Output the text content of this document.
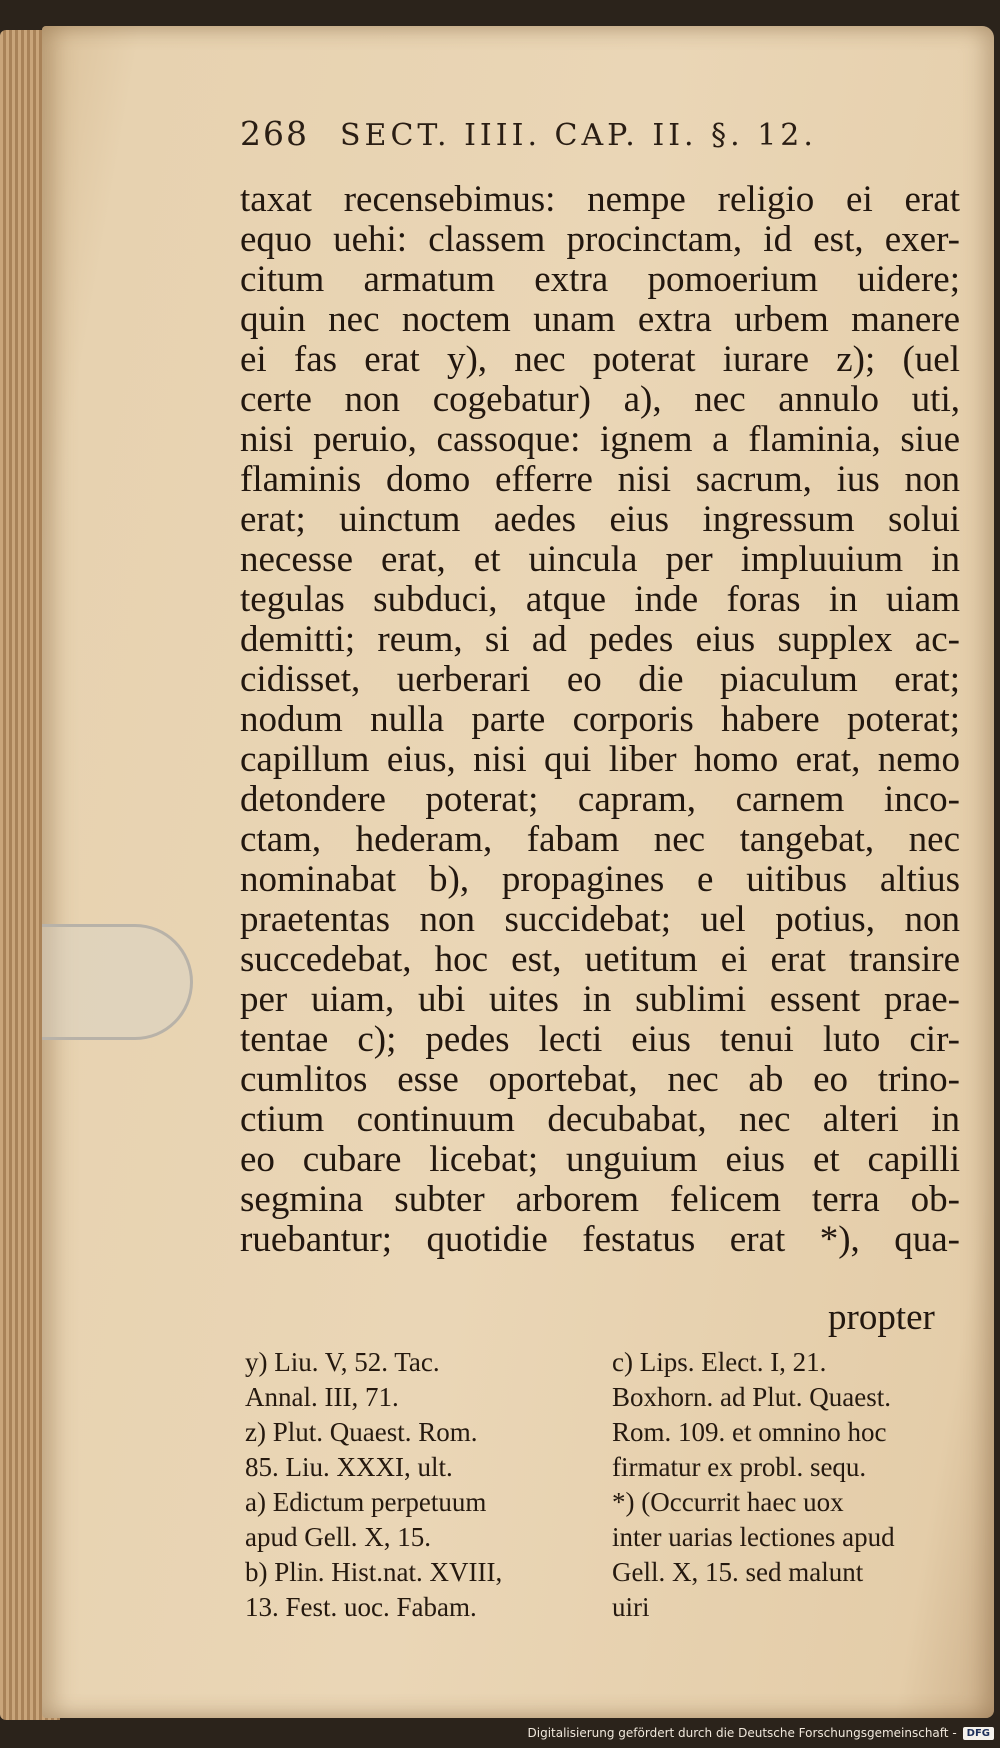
268 SECT. IIII. CAP. II. §. 12.
taxat recensebimus: nempe religio ei erat
equo uehi: classem procinctam, id est, exer-
citum armatum extra pomoerium uidere;
quin nec noctem unam extra urbem manere
ei fas erat y), nec poterat iurare z); (uel
certe non cogebatur) a), nec annulo uti,
nisi peruio, cassoque: ignem a flaminia, siue
flaminis domo efferre nisi sacrum, ius non
erat; uinctum aedes eius ingressum solui
necesse erat, et uincula per impluuium in
tegulas subduci, atque inde foras in uiam
demitti; reum, si ad pedes eius supplex ac-
cidisset, uerberari eo die piaculum erat;
nodum nulla parte corporis habere poterat;
capillum eius, nisi qui liber homo erat, nemo
detondere poterat; capram, carnem inco-
ctam, hederam, fabam nec tangebat, nec
nominabat b), propagines e uitibus altius
praetentas non succidebat; uel potius, non
succedebat, hoc est, uetitum ei erat transire
per uiam, ubi uites in sublimi essent prae-
tentae c); pedes lecti eius tenui luto cir-
cumlitos esse oportebat, nec ab eo trino-
ctium continuum decubabat, nec alteri in
eo cubare licebat; unguium eius et capilli
segmina subter arborem felicem terra ob-
ruebantur; quotidie festatus erat *), qua-
propter
y) Liu. V, 52. Tac.
Annal. III, 71.
z) Plut. Quaest. Rom.
85. Liu. XXXI, ult.
a) Edictum perpetuum
apud Gell. X, 15.
b) Plin. Hist.nat. XVIII,
13. Fest. uoc. Fabam.
c) Lips. Elect. I, 21.
Boxhorn. ad Plut. Quaest.
Rom. 109. et omnino hoc
firmatur ex probl. sequ.
*) (Occurrit haec uox
inter uarias lectiones apud
Gell. X, 15. sed malunt
uiri
Digitalisierung gefördert durch die Deutsche Forschungsgemeinschaft -	DFG
